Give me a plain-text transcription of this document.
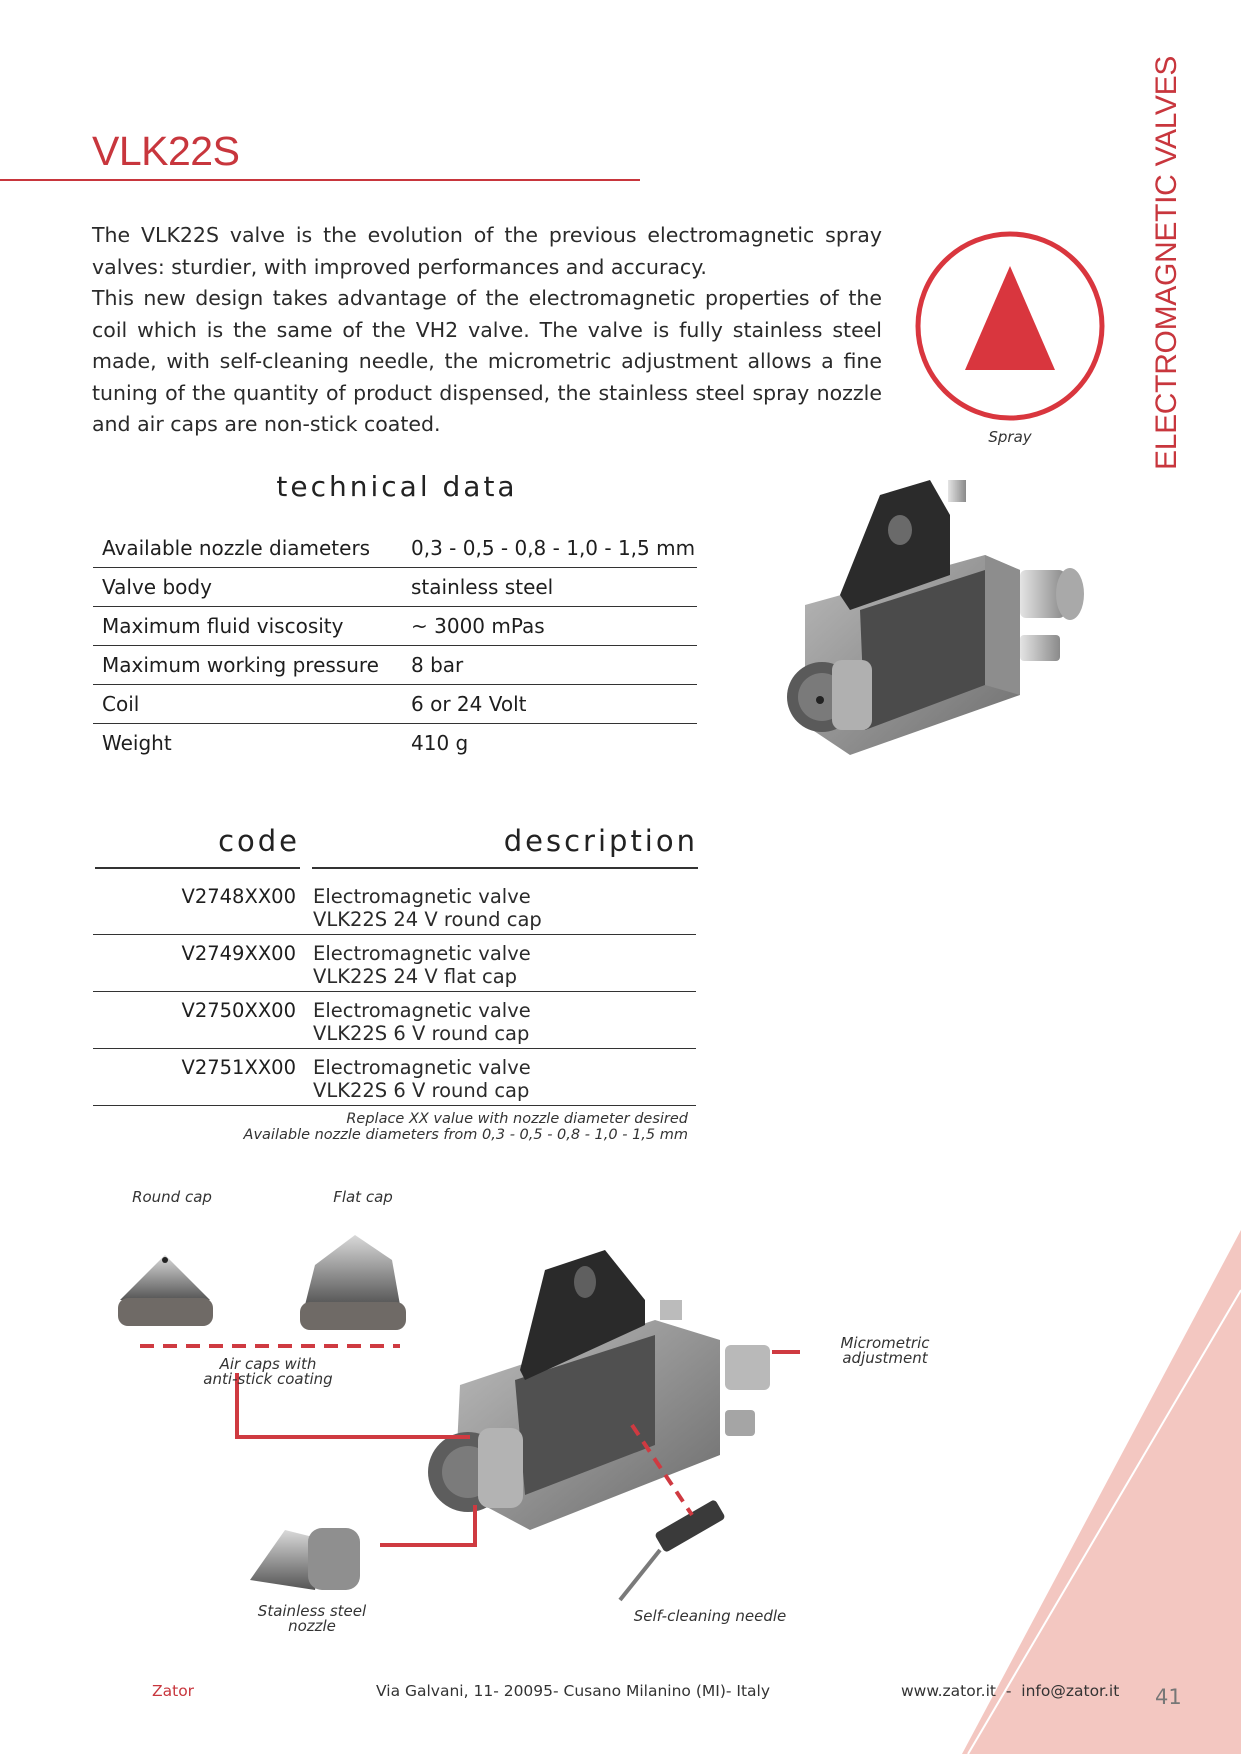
VLK22S	ELECTROMAGNETIC VALVES

The VLK22S valve is the evolution of the previous electromagnetic spray valves: sturdier, with improved performances and accuracy.

This new design takes advantage of the electromagnetic properties of the coil which is the same of the VH2 valve. The valve is fully stainless steel made, with self-cleaning needle, the micrometric adjustment allows a fine tuning of the quantity of product dispensed, the stainless steel spray nozzle and air caps are non-stick coated.

Spray
technical data
Available nozzle diameters	0,3 - 0,5 - 0,8 - 1,0 - 1,5 mm
Valve body	stainless steel
Maximum fluid viscosity	~ 3000 mPas
Maximum working pressure	8 bar
Coil	6 or 24 Volt
Weight	410 g
code	description
V2748XX00 Electromagnetic valve
VLK22S 24 V round cap
V2749XX00 Electromagnetic valve
VLK22S 24 V flat cap
V2750XX00 Electromagnetic valve
VLK22S 6 V round cap
V2751XX00 Electromagnetic valve
VLK22S 6 V round cap
Replace XX value with nozzle diameter desired
Available nozzle diameters from 0,3 - 0,5 - 0,8 - 1,0 - 1,5 mm
Round cap	Flat cap
Air caps with
anti-stick coating
Micrometric
adjustment
Stainless steel
nozzle
Self-cleaning needle
Zator	Via Galvani, 11- 20095- Cusano Milanino (MI)- Italy	www.zator.it  -  info@zator.it 41
